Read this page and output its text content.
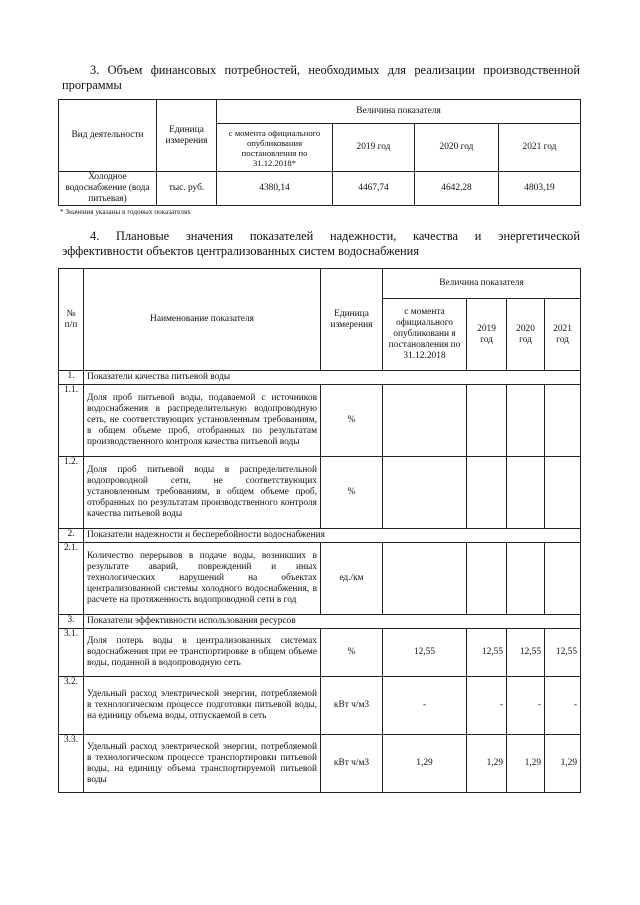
3. Объем финансовых потребностей, необходимых для реализации производственной
программы
Вид деятельности	Единица измерения	Величина показателя			
		с момента официального опубликования постановления по 31.12.2018*	2019 год	2020 год	2021 год
Холодное водоснабжение (вода питьевая)	тыс. руб.	4380,14	4467,74	4642,28	4803,19
* Значения указаны в годовых показателях
4. Плановые значения показателей надежности, качества и энергетической
эффективности объектов централизованных систем водоснабжения
№ п/п	Наименование показателя	Единица измерения	Величина показателя			
			с момента официального опубликовани я постановления по 31.12.2018	2019 год	2020 год	2021 год
1.	Показатели качества питьевой воды					
1.1.	Доля проб питьевой воды, подаваемой с источников водоснабжения в распределительную водопроводную сеть, не соответствующих установленным требованиям, в общем объеме проб, отобранных по результатам производственного контроля качества питьевой воды	%				
1.2.	Доля проб питьевой воды в распределительной водопроводной сети, не соответствующих установленным требованиям, в общем объеме проб, отобранных по результатам производственного контроля качества питьевой воды	%				
2.	Показатели надежности и бесперебойности водоснабжения					
2.1.	Количество перерывов в подаче воды, возникших в результате аварий, повреждений и иных технологических нарушений на объектах централизованной системы холодного водоснабжения, в расчете на протяженность водопроводной сети в год	ед./км				
3.	Показатели эффективности использования ресурсов					
3.1.	Доля потерь воды в централизованных системах водоснабжения при ее транспортировке в общем объеме воды, поданной в водопроводную сеть	%	12,55	12,55	12,55	12,55
3.2.	Удельный расход электрической энергии, потребляемой в технологическом процессе подготовки питьевой воды, на единицу объема воды, отпускаемой в сеть	кВт ч/м3	-	-	-	-
3.3.	Удельный расход электрической энергии, потребляемой в технологическом процессе транспортировки питьевой воды, на единицу объема транспортируемой питьевой воды	кВт ч/м3	1,29	1,29	1,29	1,29
